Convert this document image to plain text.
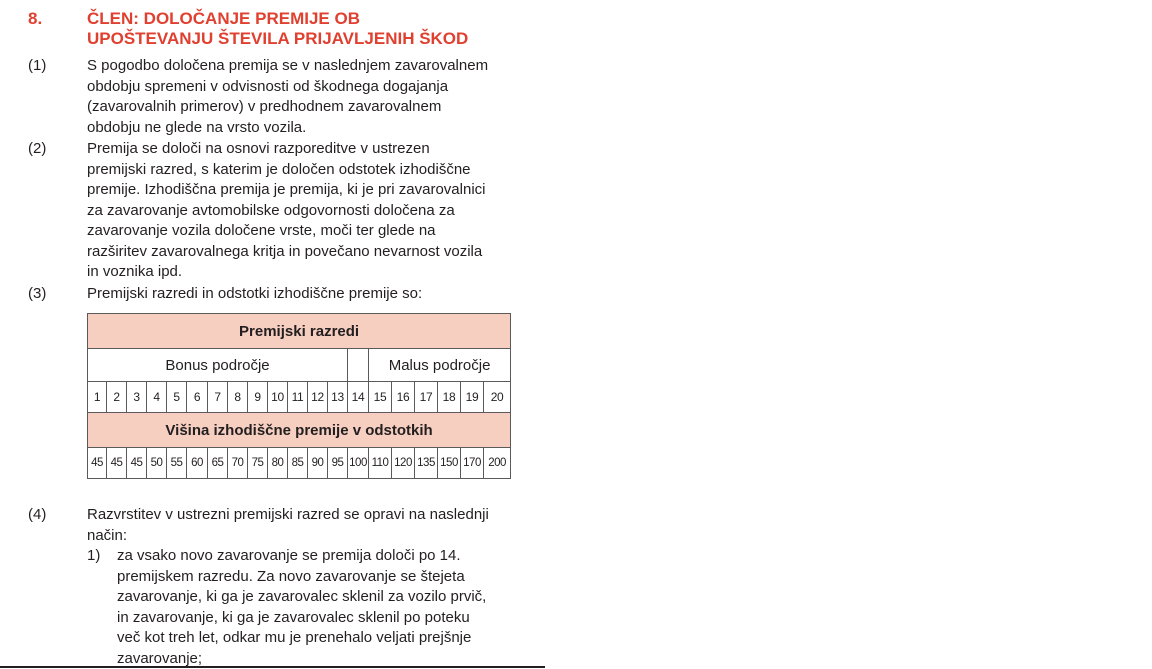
8.	ČLEN: DOLOČANJE PREMIJE OB
UPOŠTEVANJU ŠTEVILA PRIJAVLJENIH ŠKOD
(1)	S pogodbo določena premija se v naslednjem zavarovalnem
obdobju spremeni v odvisnosti od škodnega dogajanja
(zavarovalnih primerov) v predhodnem zavarovalnem
obdobju ne glede na vrsto vozila.
(2)	Premija se določi na osnovi razporeditve v ustrezen
premijski razred, s katerim je določen odstotek izhodiščne
premije. Izhodiščna premija je premija, ki je pri zavarovalnici
za zavarovanje avtomobilske odgovornosti določena za
zavarovanje vozila določene vrste, moči ter glede na
razširitev zavarovalnega kritja in povečano nevarnost vozila
in voznika ipd.
(3)	Premijski razredi in odstotki izhodiščne premije so:
Premijski razredi																			
Bonus področje														Malus področje					
1	2	3	4	5	6	7	8	9	10	11	12	13	14	15	16	17	18	19	20
Višina izhodiščne premije v odstotkih																			
45	45	45	50	55	60	65	70	75	80	85	90	95	100	110	120	135	150	170	200
(4)	Razvrstitev v ustrezni premijski razred se opravi na naslednji
način:
1) za vsako novo zavarovanje se premija določi po 14.
premijskem razredu. Za novo zavarovanje se štejeta
zavarovanje, ki ga je zavarovalec sklenil za vozilo prvič,
in zavarovanje, ki ga je zavarovalec sklenil po poteku
več kot treh let, odkar mu je prenehalo veljati prejšnje
zavarovanje;
